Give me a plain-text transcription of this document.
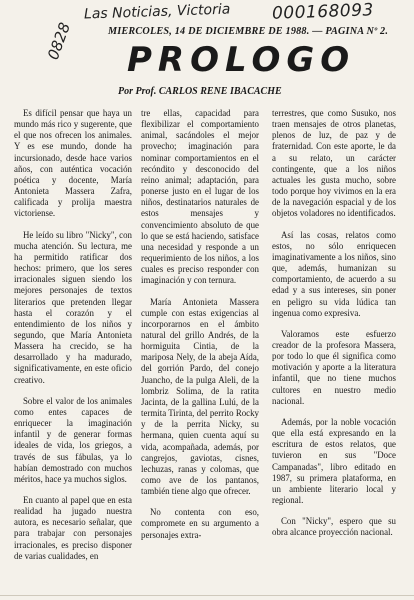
Las Noticias, Victoria 000168093
0828	MIERCOLES, 14 DE DICIEMBRE DE 1988. — PAGINA Nº 2.
PROLOGO
Por Prof. CARLOS RENE IBACACHE

Es difícil pensar que haya un mundo más rico y sugerente, que el que nos ofrecen los animales. Y es ese mundo, donde ha incursionado, desde hace varios años, con auténtica vocación poética y docente, María Antonieta Massera Zafra, calificada y prolija maestra victoriense.

He leído su libro "Nicky", con mucha atención. Su lectura, me ha permitido ratificar dos hechos: primero, que los seres irracionales siguen siendo los mejores personajes de textos literarios que pretenden llegar hasta el corazón y el entendimiento de los niños y segundo, que María Antonieta Massera ha crecido, se ha desarrollado y ha madurado, significativamente, en este oficio creativo.

Sobre el valor de los animales como entes capaces de enriquecer la imaginación infantil y de generar formas ideales de vida, los griegos, a través de sus fábulas, ya lo habían demostrado con muchos méritos, hace ya muchos siglos.

En cuanto al papel que en esta realidad ha jugado nuestra autora, es necesario señalar, que para trabajar con personajes irracionales, es preciso disponer de varias cualidades, en

tre ellas, capacidad para flexibilizar el comportamiento animal, sacándoles el mejor provecho; imaginación para nominar comportamientos en el recóndito y desconocido del reino animal; adaptación, para ponerse justo en el lugar de los niños, destinatarios naturales de estos mensajes y convencimiento absoluto de que lo que se está haciendo, satisface una necesidad y responde a un requerimiento de los niños, a los cuales es preciso responder con imaginación y con ternura.

María Antonieta Massera cumple con estas exigencias al incorporarnos en el ámbito natural del grillo Andrés, de la hormiguita Cintia, de la mariposa Nely, de la abeja Aída, del gorrión Pardo, del conejo Juancho, de la pulga Aleli, de la lombriz Solima, de la ratita Jacinta, de la gallina Lulú, de la termita Tirinta, del perrito Rocky y de la perrita Nicky, su hermana, quien cuenta aquí su vida, acompañada, además, por cangrejos, gaviotas, cisnes, lechuzas, ranas y colomas, que como ave de los pantanos, también tiene algo que ofrecer.

No contenta con eso, compromete en su argumento a personajes extra-

terrestres, que como Susuko, nos traen mensajes de otros planetas, plenos de luz, de paz y de fraternidad. Con este aporte, le da a su relato, un carácter contingente, que a los niños actuales les gusta mucho, sobre todo porque hoy vivimos en la era de la navegación espacial y de los objetos voladores no identificados.

Así las cosas, relatos como estos, no sólo enriquecen imaginativamente a los niños, sino que, además, humanizan su comportamiento, de acuerdo a su edad y a sus intereses, sin poner en peligro su vida lúdica tan ingenua como expresiva.

Valoramos este esfuerzo creador de la profesora Massera, por todo lo que él significa como motivación y aporte a la literatura infantil, que no tiene muchos cultores en nuestro medio nacional.

Además, por la noble vocación que ella está expresando en la escritura de estos relatos, que tuvieron en sus "Doce Campanadas", libro editado en 1987, su primera plataforma, en un ambiente literario local y regional.

Con "Nicky", espero que su obra alcance proyección nacional.
